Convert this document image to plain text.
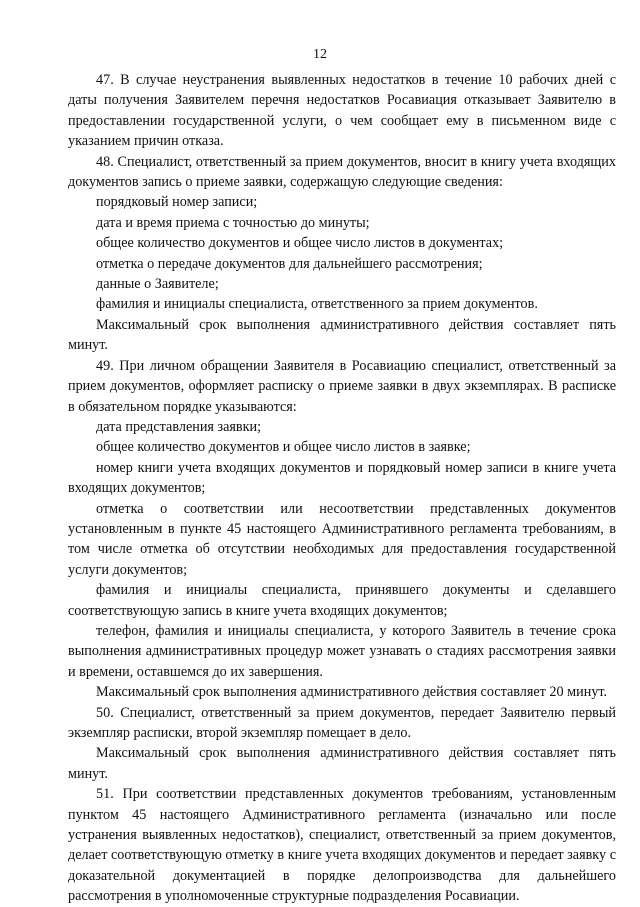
12

47. В случае неустранения выявленных недостатков в течение 10 рабочих дней с даты получения Заявителем перечня недостатков Росавиация отказывает Заявителю в предоставлении государственной услуги, о чем сообщает ему в письменном виде с указанием причин отказа.

48. Специалист, ответственный за прием документов, вносит в книгу учета входящих документов запись о приеме заявки, содержащую следующие сведения:

порядковый номер записи;

дата и время приема с точностью до минуты;

общее количество документов и общее число листов в документах;

отметка о передаче документов для дальнейшего рассмотрения;

данные о Заявителе;

фамилия и инициалы специалиста, ответственного за прием документов.

Максимальный срок выполнения административного действия составляет пять минут.

49. При личном обращении Заявителя в Росавиацию специалист, ответственный за прием документов, оформляет расписку о приеме заявки в двух экземплярах. В расписке в обязательном порядке указываются:

дата представления заявки;

общее количество документов и общее число листов в заявке;

номер книги учета входящих документов и порядковый номер записи в книге учета входящих документов;

отметка о соответствии или несоответствии представленных документов установленным в пункте 45 настоящего Административного регламента требованиям, в том числе отметка об отсутствии необходимых для предоставления государственной услуги документов;

фамилия и инициалы специалиста, принявшего документы и сделавшего соответствующую запись в книге учета входящих документов;

телефон, фамилия и инициалы специалиста, у которого Заявитель в течение срока выполнения административных процедур может узнавать о стадиях рассмотрения заявки и времени, оставшемся до их завершения.

Максимальный срок выполнения административного действия составляет 20 минут.

50. Специалист, ответственный за прием документов, передает Заявителю первый экземпляр расписки, второй экземпляр помещает в дело.

Максимальный срок выполнения административного действия составляет пять минут.

51. При соответствии представленных документов требованиям, установленным пунктом 45 настоящего Административного регламента (изначально или после устранения выявленных недостатков), специалист, ответственный за прием документов, делает соответствующую отметку в книге учета входящих документов и передает заявку с доказательной документацией в порядке делопроизводства для дальнейшего рассмотрения в уполномоченные структурные подразделения Росавиации.
